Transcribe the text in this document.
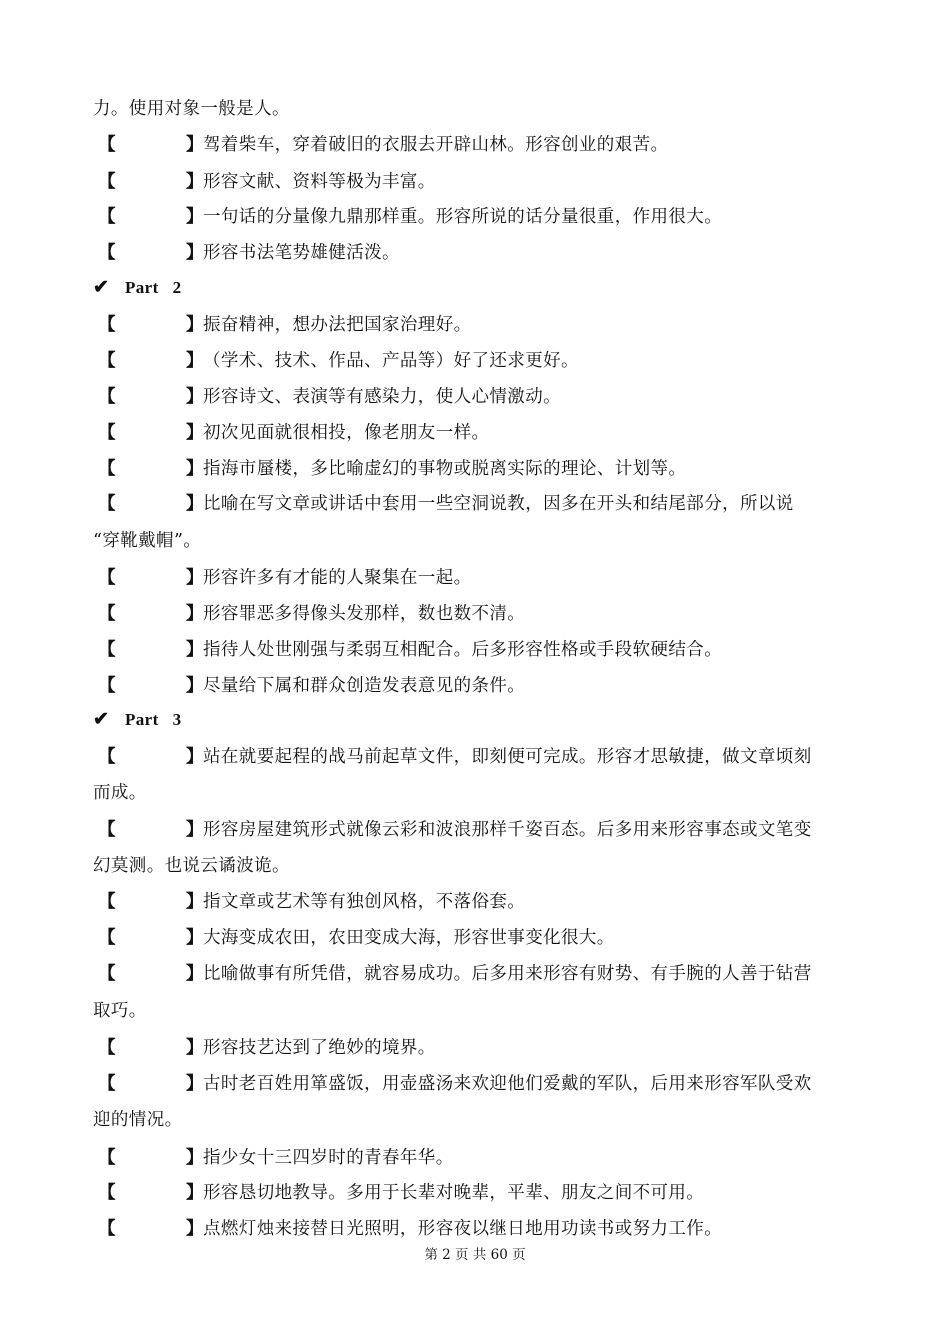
力。使用对象一般是人。
【	】 驾着柴车，穿着破旧的衣服去开辟山林。形容创业的艰苦。
【	】 形容文献、资料等极为丰富。
【	】 一句话的分量像九鼎那样重。形容所说的话分量很重，作用很大。
【	】 形容书法笔势雄健活泼。
✔ Part   2
【	】 振奋精神，想办法把国家治理好。
【	】 （学术、技术、作品、产品等）好了还求更好。
【	】 形容诗文、表演等有感染力，使人心情激动。
【	】 初次见面就很相投，像老朋友一样。
【	】 指海市蜃楼，多比喻虚幻的事物或脱离实际的理论、计划等。
【	】 比喻在写文章或讲话中套用一些空洞说教，因多在开头和结尾部分，所以说
“穿靴戴帽”。
【	】 形容许多有才能的人聚集在一起。
【	】 形容罪恶多得像头发那样，数也数不清。
【	】 指待人处世刚强与柔弱互相配合。后多形容性格或手段软硬结合。
【	】 尽量给下属和群众创造发表意见的条件。
✔ Part   3
【	】 站在就要起程的战马前起草文件，即刻便可完成。形容才思敏捷，做文章顷刻
而成。
【	】 形容房屋建筑形式就像云彩和波浪那样千姿百态。后多用来形容事态或文笔变
幻莫测。也说云谲波诡。
【	】 指文章或艺术等有独创风格，不落俗套。
【	】 大海变成农田，农田变成大海，形容世事变化很大。
【	】 比喻做事有所凭借，就容易成功。后多用来形容有财势、有手腕的人善于钻营
取巧。
【	】 形容技艺达到了绝妙的境界。
【	】 古时老百姓用箪盛饭，用壶盛汤来欢迎他们爱戴的军队，后用来形容军队受欢
迎的情况。
【	】 指少女十三四岁时的青春年华。
【	】 形容恳切地教导。多用于长辈对晚辈，平辈、朋友之间不可用。
【	】 点燃灯烛来接替日光照明，形容夜以继日地用功读书或努力工作。
第 2 页 共 60 页
